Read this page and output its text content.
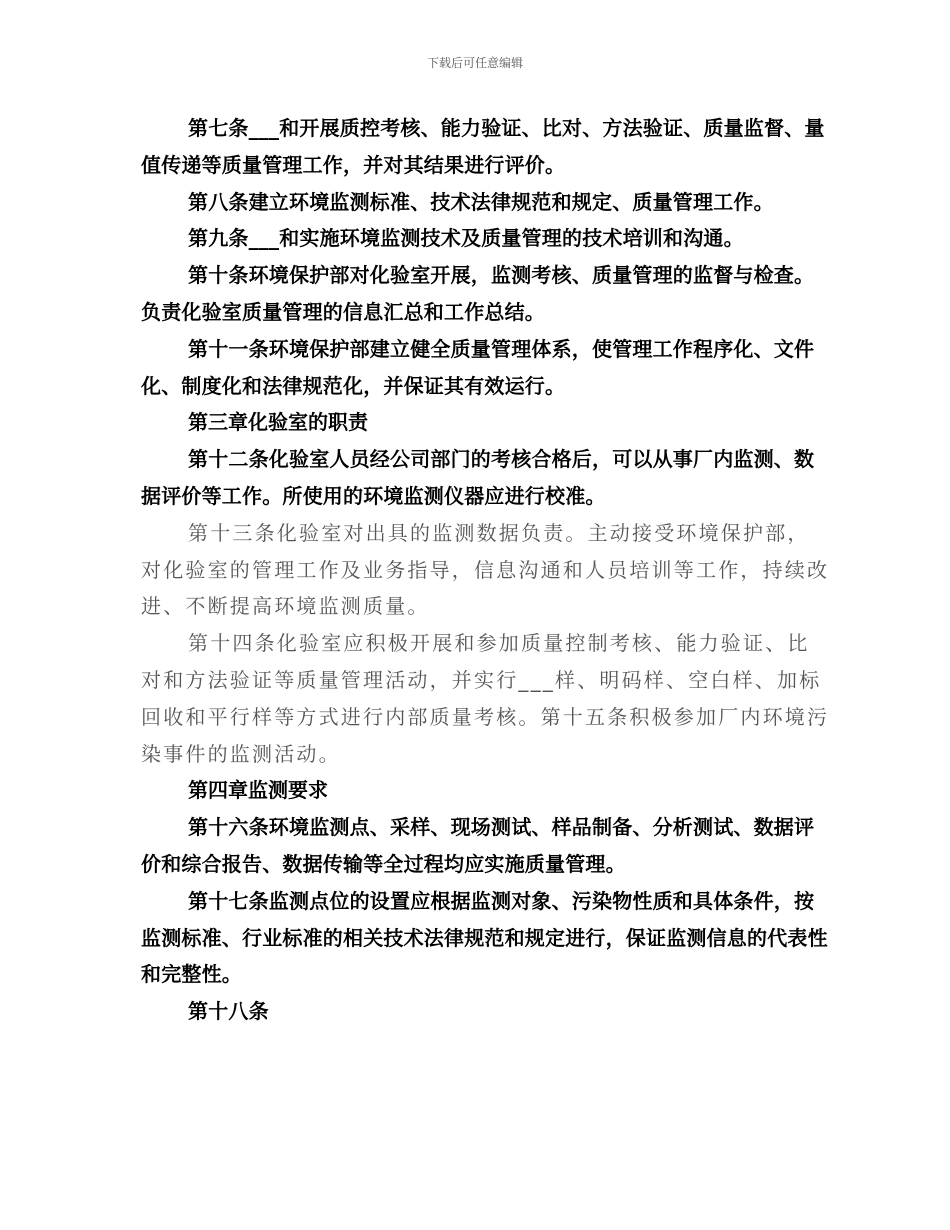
下载后可任意编辑

第七条___和开展质控考核、能力验证、比对、方法验证、质量监督、量值传递等质量管理工作，并对其结果进行评价。

第八条建立环境监测标准、技术法律规范和规定、质量管理工作。

第九条___和实施环境监测技术及质量管理的技术培训和沟通。

第十条环境保护部对化验室开展，监测考核、质量管理的监督与检查。负责化验室质量管理的信息汇总和工作总结。

第十一条环境保护部建立健全质量管理体系，使管理工作程序化、文件化、制度化和法律规范化，并保证其有效运行。

第三章化验室的职责

第十二条化验室人员经公司部门的考核合格后，可以从事厂内监测、数据评价等工作。所使用的环境监测仪器应进行校准。

第十三条化验室对出具的监测数据负责。主动接受环境保护部，对化验室的管理工作及业务指导，信息沟通和人员培训等工作，持续改进、不断提高环境监测质量。

第十四条化验室应积极开展和参加质量控制考核、能力验证、比对和方法验证等质量管理活动，并实行___样、明码样、空白样、加标回收和平行样等方式进行内部质量考核。第十五条积极参加厂内环境污染事件的监测活动。

第四章监测要求

第十六条环境监测点、采样、现场测试、样品制备、分析测试、数据评价和综合报告、数据传输等全过程均应实施质量管理。

第十七条监测点位的设置应根据监测对象、污染物性质和具体条件，按监测标准、行业标准的相关技术法律规范和规定进行，保证监测信息的代表性和完整性。

第十八条
